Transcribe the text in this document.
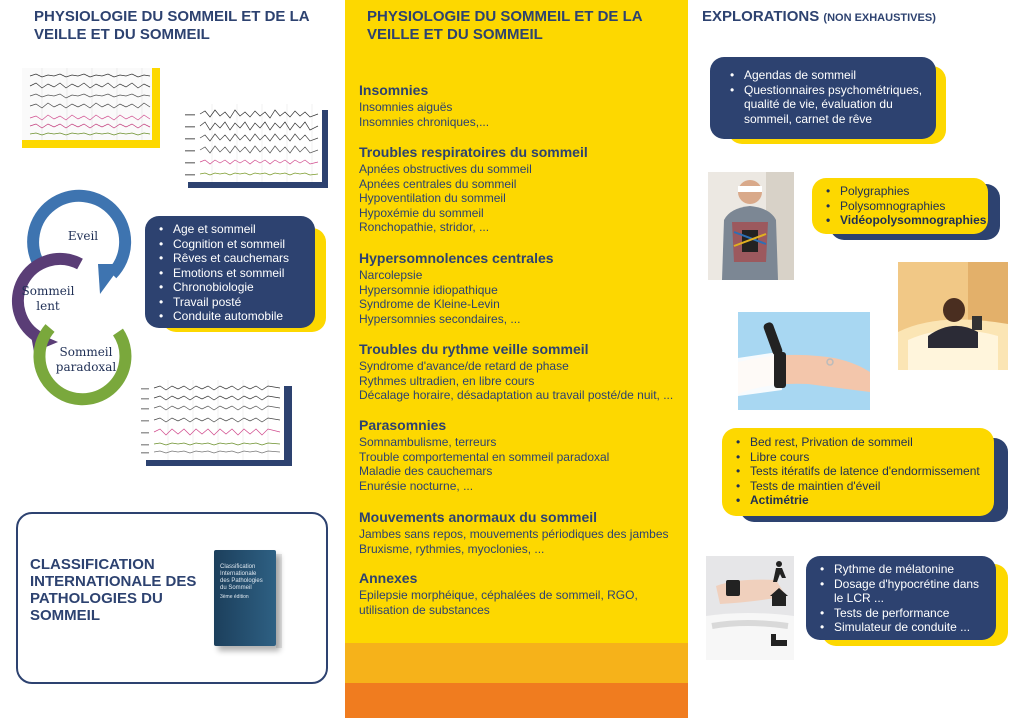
PHYSIOLOGIE DU SOMMEIL ET DE LA VEILLE ET DU SOMMEIL
Eveil
Sommeil
lent
Sommeil
paradoxal
• Age et sommeil
• Cognition et sommeil
• Rêves et cauchemars
• Emotions et sommeil
• Chronobiologie
• Travail posté
• Conduite automobile
CLASSIFICATION INTERNATIONALE DES PATHOLOGIES DU SOMMEIL
Classification
Internationale
des Pathologies
du Sommeil
3ème édition
PHYSIOLOGIE DU SOMMEIL ET DE LA VEILLE ET DU SOMMEIL
Insomnies
Insomnies aiguës
Insomnies chroniques,...
Troubles respiratoires du sommeil
Apnées obstructives du sommeil
Apnées centrales du sommeil
Hypoventilation du sommeil
Hypoxémie du sommeil
Ronchopathie, stridor, ...
Hypersomnolences centrales
Narcolepsie
Hypersomnie idiopathique
Syndrome de Kleine-Levin
Hypersomnies secondaires, ...
Troubles du rythme veille sommeil
Syndrome d'avance/de retard de phase
Rythmes ultradien, en libre cours
Décalage horaire, désadaptation au travail posté/de nuit, ...
Parasomnies
Somnambulisme, terreurs
Trouble comportemental en sommeil paradoxal
Maladie des cauchemars
Enurésie nocturne, ...
Mouvements anormaux du sommeil
Jambes sans repos, mouvements périodiques des jambes
Bruxisme, rythmies, myoclonies, ...
Annexes
Epilepsie morphéique, céphalées de sommeil, RGO,
utilisation de substances
EXPLORATIONS (NON EXHAUSTIVES)
• Agendas de sommeil
• Questionnaires psychométriques, qualité de vie, évaluation du sommeil, carnet de rêve
• Polygraphies
• Polysomnographies
• Vidéopolysomnographies
• Bed rest, Privation de sommeil
• Libre cours
• Tests itératifs de latence d'endormissement
• Tests de maintien d'éveil
• Actimétrie
• Rythme de mélatonine
• Dosage d'hypocrétine dans le LCR ...
• Tests de performance
• Simulateur de conduite ...
